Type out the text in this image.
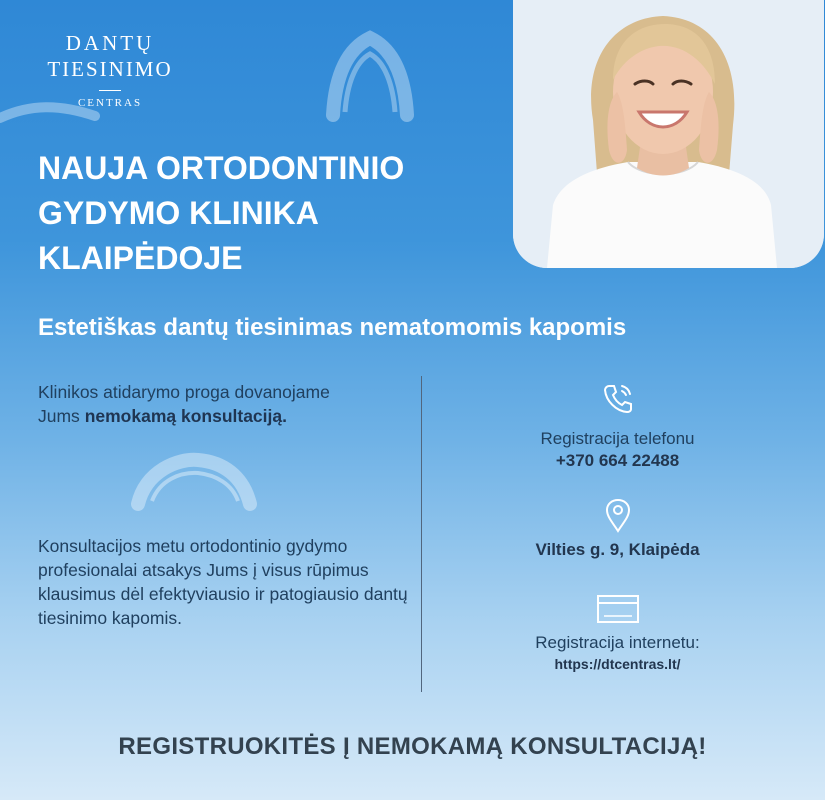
DANTŲ
TIESINIMO
CENTRAS
NAUJA ORTODONTINIO
GYDYMO KLINIKA
KLAIPĖDOJE
Estetiškas dantų tiesinimas nematomomis kapomis

Klinikos atidarymo proga dovanojame
Jums nemokamą konsultaciją.

Konsultacijos metu ortodontinio gydymo profesionalai atsakys Jums į visus rūpimus klausimus dėl efektyviausio ir patogiausio dantų tiesinimo kapomis.

Registracija telefonu
+370 664 22488
Vilties g. 9, Klaipėda
Registracija internetu:
https://dtcentras.lt/

REGISTRUOKITĖS Į NEMOKAMĄ KONSULTACIJĄ!
